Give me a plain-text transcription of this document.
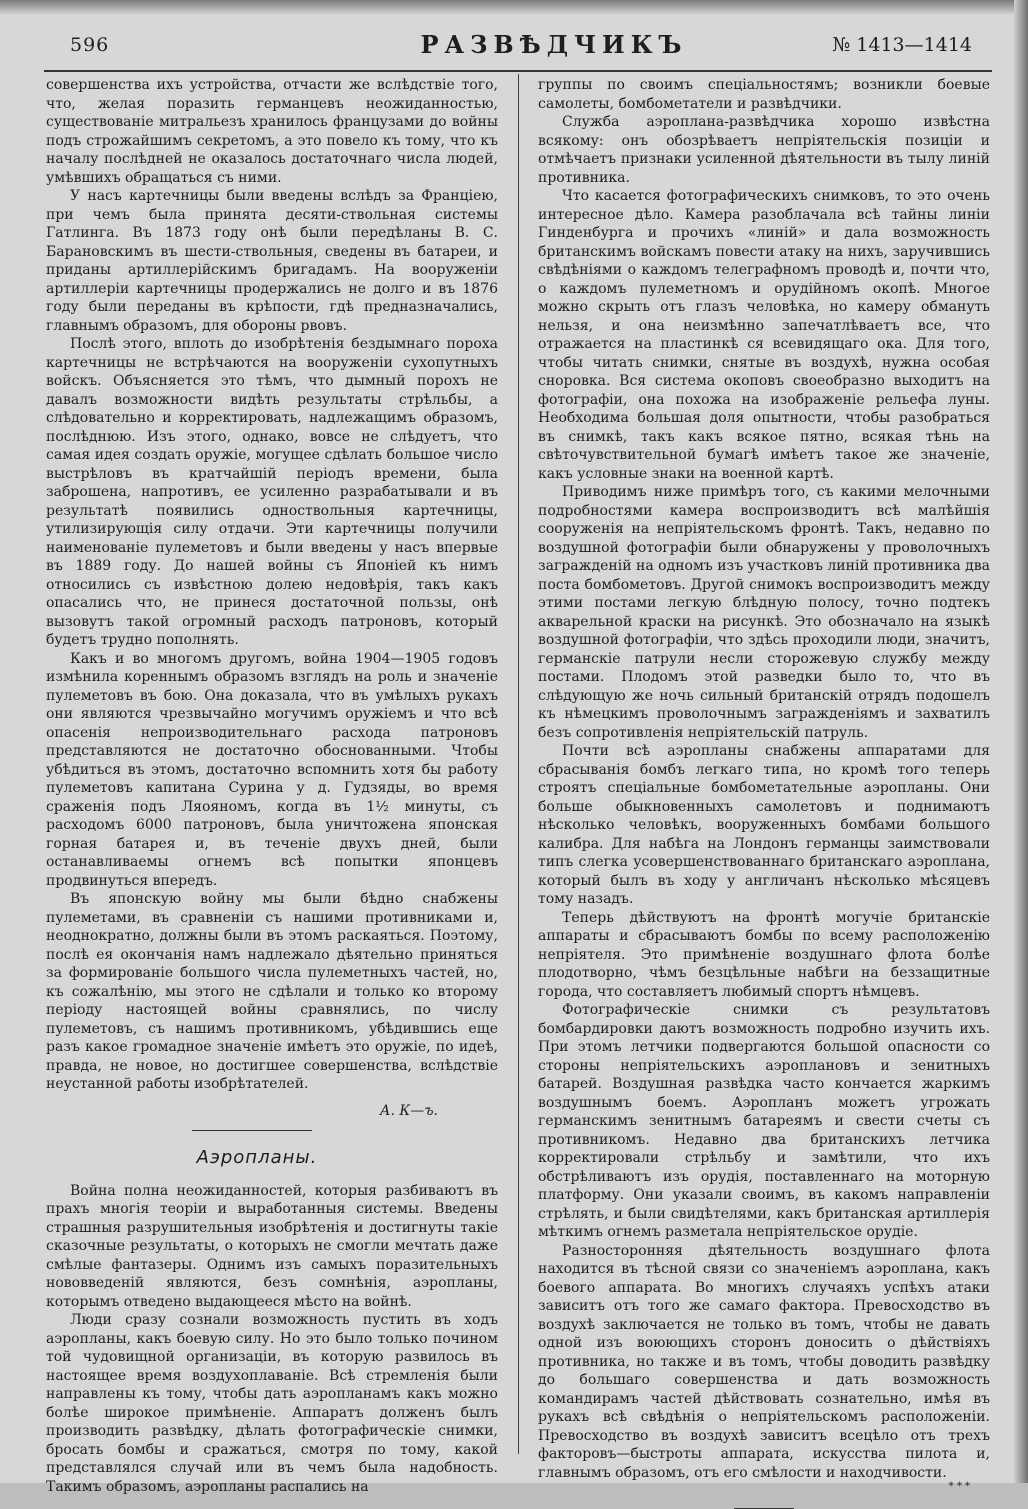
596	РАЗВѢДЧИКЪ	№ 1413—1414

совершенства ихъ устройства, отчасти же вслѣдствіе того, что, желая поразить германцевъ неожиданностью, существованіе митральезъ хранилось французами до войны подъ строжайшимъ секретомъ, а это повело къ тому, что къ началу послѣдней не оказалось достаточнаго числа людей, умѣвшихъ обращаться съ ними.

У насъ картечницы были введены вслѣдъ за Франціею, при чемъ была принята десяти-ствольная системы Гатлинга. Въ 1873 году онѣ были передѣланы В. С. Барановскимъ въ шести-ствольныя, сведены въ батареи, и приданы артиллерійскимъ бригадамъ. На вооруженіи артиллеріи картечницы продержались не долго и въ 1876 году были переданы въ крѣпости, гдѣ предназначались, главнымъ образомъ, для обороны рвовъ.

Послѣ этого, вплоть до изобрѣтенія бездымнаго пороха картечницы не встрѣчаются на вооруженіи сухопутныхъ войскъ. Объясняется это тѣмъ, что дымный порохъ не давалъ возможности видѣть результаты стрѣльбы, а слѣдовательно и корректировать, надлежащимъ образомъ, послѣднюю. Изъ этого, однако, вовсе не слѣдуетъ, что самая идея создать оружіе, могущее сдѣлать большое число выстрѣловъ въ кратчайшій періодъ времени, была заброшена, напротивъ, ее усиленно разрабатывали и въ результатѣ появились одноствольныя картечницы, утилизирующія силу отдачи. Эти картечницы получили наименованіе пулеметовъ и были введены у насъ впервые въ 1889 году. До нашей войны съ Японіей къ нимъ относились съ извѣстною долею недовѣрія, такъ какъ опасались что, не принеся достаточной пользы, онѣ вызовутъ такой огромный расходъ патроновъ, который будетъ трудно пополнять.

Какъ и во многомъ другомъ, война 1904—1905 годовъ измѣнила кореннымъ образомъ взглядъ на роль и значеніе пулеметовъ въ бою. Она доказала, что въ умѣлыхъ рукахъ они являются чрезвычайно могучимъ оружіемъ и что всѣ опасенія непроизводительнаго расхода патроновъ представляются не достаточно обоснованными. Чтобы убѣдиться въ этомъ, достаточно вспомнить хотя бы работу пулеметовъ капитана Сурина у д. Гудзяды, во время сраженія подъ Ляояномъ, когда въ 1½ минуты, съ расходомъ 6000 патроновъ, была уничтожена японская горная батарея и, въ теченіе двухъ дней, были останавливаемы огнемъ всѣ попытки японцевъ продвинуться впередъ.

Въ японскую войну мы были бѣдно снабжены пулеметами, въ сравненіи съ нашими противниками и, неоднократно, должны были въ этомъ раскаяться. Поэтому, послѣ ея окончанія намъ надлежало дѣятельно приняться за формированіе большого числа пулеметныхъ частей, но, къ сожалѣнію, мы этого не сдѣлали и только ко второму періоду настоящей войны сравнялись, по числу пулеметовъ, съ нашимъ противникомъ, убѣдившись еще разъ какое громадное значеніе имѣетъ это оружіе, по идеѣ, правда, не новое, но достигшее совершенства, вслѣдствіе неустанной работы изобрѣтателей.

А. К—ъ.

Аэропланы.

Война полна неожиданностей, которыя разбиваютъ въ прахъ многія теоріи и выработанныя системы. Введены страшныя разрушительныя изобрѣтенія и достигнуты такіе сказочные результаты, о которыхъ не смогли мечтать даже смѣлые фантазеры. Однимъ изъ самыхъ поразительныхъ нововведеній являются, безъ сомнѣнія, аэропланы, которымъ отведено выдающееся мѣсто на войнѣ.

Люди сразу сознали возможность пустить въ ходъ аэропланы, какъ боевую силу. Но это было только почином той чудовищной организаціи, въ которую развилось въ настоящее время воздухоплаваніе. Всѣ стремленія были направлены къ тому, чтобы дать аэропланамъ какъ можно болѣе широкое примѣненіе. Аппаратъ долженъ былъ производить развѣдку, дѣлать фотографическіе снимки, бросать бомбы и сражаться, смотря по тому, какой представлялся случай или въ чемъ была надобность. Такимъ образомъ, аэропланы распались на

группы по своимъ спеціальностямъ; возникли боевые самолеты, бомбометатели и развѣдчики.

Служба аэроплана-развѣдчика хорошо извѣстна всякому: онъ обозрѣваетъ непріятельскія позиціи и отмѣчаетъ признаки усиленной дѣятельности въ тылу линій противника.

Что касается фотографическихъ снимковъ, то это очень интересное дѣло. Камера разоблачала всѣ тайны линіи Гинденбурга и прочихъ «линій» и дала возможность британскимъ войскамъ повести атаку на нихъ, заручившись свѣдѣніями о каждомъ телеграфномъ проводѣ и, почти что, о каждомъ пулеметномъ и орудійномъ окопѣ. Многое можно скрыть отъ глазъ человѣка, но камеру обмануть нельзя, и она неизмѣнно запечатлѣваетъ все, что отражается на пластинкѣ ся всевидящаго ока. Для того, чтобы читать снимки, снятые въ воздухѣ, нужна особая сноровка. Вся система окоповъ своеобразно выходитъ на фотографіи, она похожа на изображеніе рельефа луны. Необходима большая доля опытности, чтобы разобраться въ снимкѣ, такъ какъ всякое пятно, всякая тѣнь на свѣточувствительной бумагѣ имѣетъ такое же значеніе, какъ условные знаки на военной картѣ.

Приводимъ ниже примѣръ того, съ какими мелочными подробностями камера воспроизводитъ всѣ малѣйшія сооруженія на непріятельскомъ фронтѣ. Такъ, недавно по воздушной фотографіи были обнаружены у проволочныхъ загражденій на одномъ изъ участковъ линій противника два поста бомбометовъ. Другой снимокъ воспроизводитъ между этими постами легкую блѣдную полосу, точно подтекъ акварельной краски на рисункѣ. Это обозначало на языкѣ воздушной фотографіи, что здѣсь проходили люди, значитъ, германскіе патрули несли сторожевую службу между постами. Плодомъ этой разведки было то, что въ слѣдующую же ночь сильный британскій отрядъ подошелъ къ нѣмецкимъ проволочнымъ загражденіямъ и захватилъ безъ сопротивленія непріятельскій патруль.

Почти всѣ аэропланы снабжены аппаратами для сбрасыванія бомбъ легкаго типа, но кромѣ того теперь строятъ спеціальные бомбометательные аэропланы. Они больше обыкновенныхъ самолетовъ и поднимаютъ нѣсколько человѣкъ, вооруженныхъ бомбами большого калибра. Для набѣга на Лондонъ германцы заимствовали типъ слегка усовершенствованнаго британскаго аэроплана, который былъ въ ходу у англичанъ нѣсколько мѣсяцевъ тому назадъ.

Теперь дѣйствуютъ на фронтѣ могучіе британскіе аппараты и сбрасываютъ бомбы по всему расположенію непріятеля. Это примѣненіе воздушнаго флота болѣе плодотворно, чѣмъ безцѣльные набѣги на беззащитные города, что составляетъ любимый спортъ нѣмцевъ.

Фотографическіе снимки съ результатовъ бомбардировки даютъ возможность подробно изучить ихъ. При этомъ летчики подвергаются большой опасности со стороны непріятельскихъ аэроплановъ и зенитныхъ батарей. Воздушная развѣдка часто кончается жаркимъ воздушнымъ боемъ. Аэропланъ можетъ угрожать германскимъ зенитнымъ батареямъ и свести счеты съ противникомъ. Недавно два британскихъ летчика корректировали стрѣльбу и замѣтили, что ихъ обстрѣливаютъ изъ орудія, поставленнаго на моторную платформу. Они указали своимъ, въ какомъ направленіи стрѣлять, и были свидѣтелями, какъ британская артиллерія мѣткимъ огнемъ разметала непріятельское орудіе.

Разносторонняя дѣятельность воздушнаго флота находится въ тѣсной связи со значеніемъ аэроплана, какъ боевого аппарата. Во многихъ случаяхъ успѣхъ атаки зависитъ отъ того же самаго фактора. Превосходство въ воздухѣ заключается не только въ томъ, чтобы не давать одной изъ воюющихъ сторонъ доносить о дѣйствіяхъ противника, но также и въ томъ, чтобы доводить развѣдку до большаго совершенства и дать возможность командирамъ частей дѣйствовать сознательно, имѣя въ рукахъ всѣ свѣдѣнія о непріятельскомъ расположеніи. Превосходство въ воздухѣ зависитъ всецѣло отъ трехъ факторовъ—быстроты аппарата, искусства пилота и, главнымъ образомъ, отъ его смѣлости и находчивости.

* * *
